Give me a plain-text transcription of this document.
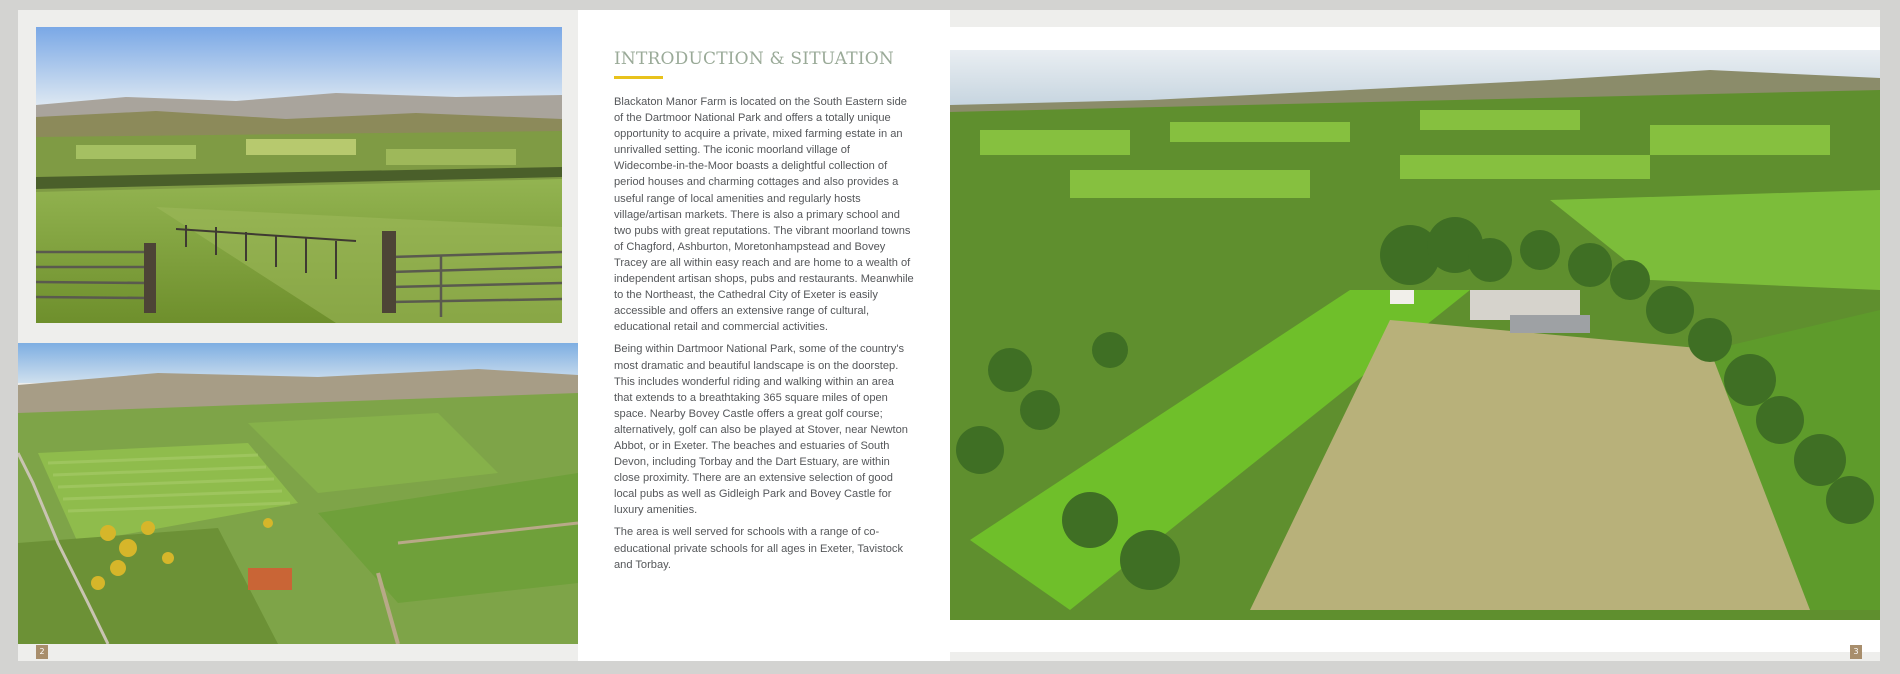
INTRODUCTION & SITUATION

Blackaton Manor Farm is located on the South Eastern side of the Dartmoor National Park and offers a totally unique opportunity to acquire a private, mixed farming estate in an unrivalled setting. The iconic moorland village of Widecombe-in-the-Moor boasts a delightful collection of period houses and charming cottages and also provides a useful range of local amenities and regularly hosts village/artisan markets. There is also a primary school and two pubs with great reputations. The vibrant moorland towns of Chagford, Ashburton, Moretonhampstead and Bovey Tracey are all within easy reach and are home to a wealth of independent artisan shops, pubs and restaurants. Meanwhile to the Northeast, the Cathedral City of Exeter is easily accessible and offers an extensive range of cultural, educational retail and commercial activities.

Being within Dartmoor National Park, some of the country's most dramatic and beautiful landscape is on the doorstep. This includes wonderful riding and walking within an area that extends to a breathtaking 365 square miles of open space. Nearby Bovey Castle offers a great golf course; alternatively, golf can also be played at Stover, near Newton Abbot, or in Exeter. The beaches and estuaries of South Devon, including Torbay and the Dart Estuary, are within close proximity. There are an extensive selection of good local pubs as well as Gidleigh Park and Bovey Castle for luxury amenities.

The area is well served for schools with a range of co-educational private schools for all ages in Exeter, Tavistock and Torbay.

2	3
